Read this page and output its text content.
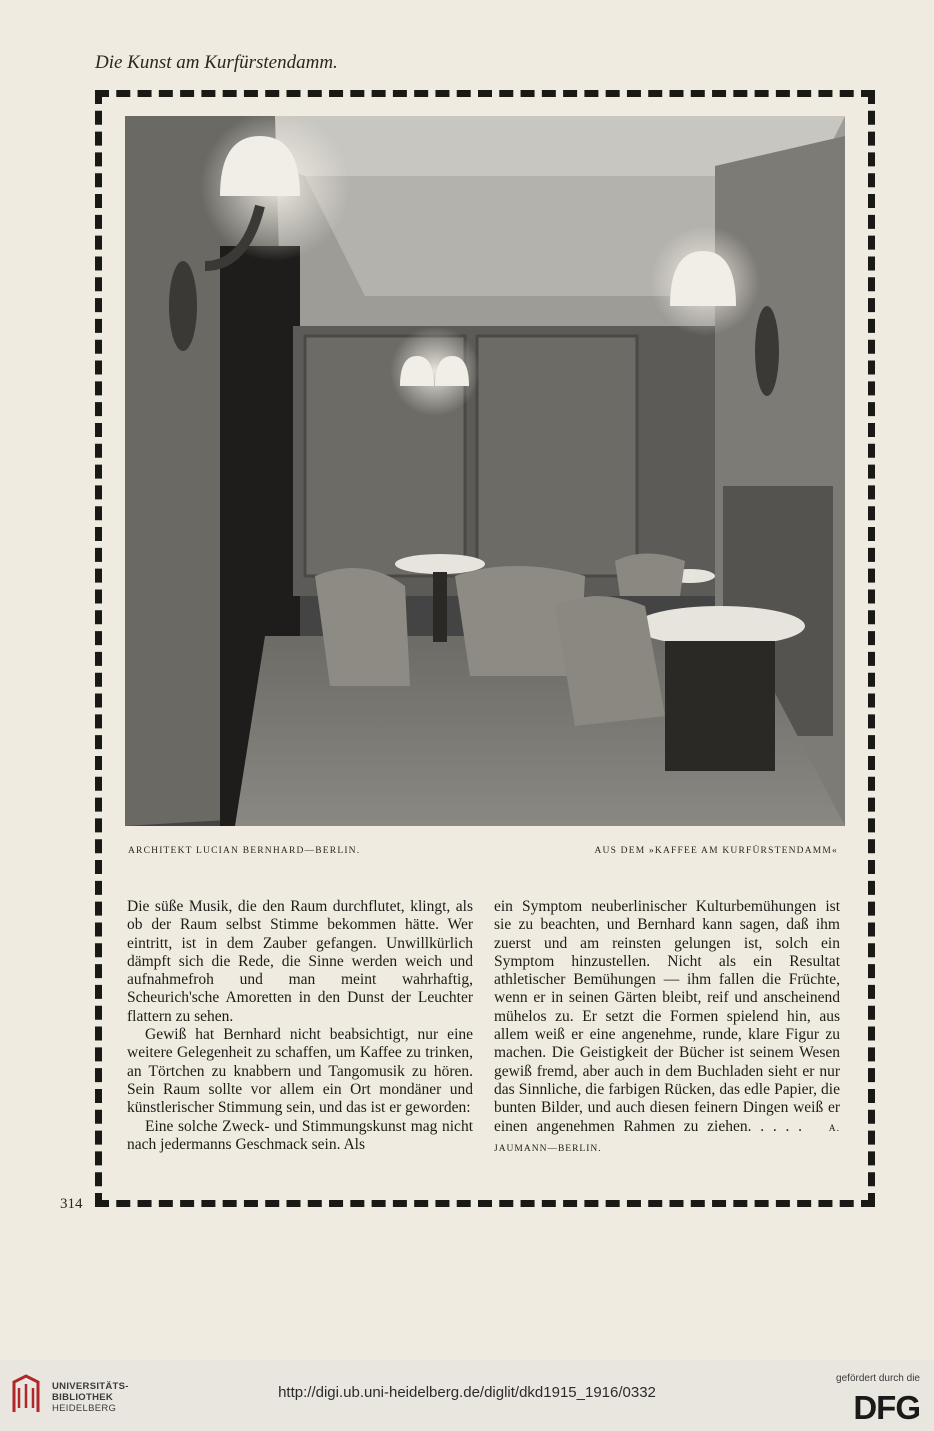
Die Kunst am Kurfürstendamm.
ARCHITEKT LUCIAN BERNHARD—BERLIN.	AUS DEM »KAFFEE AM KURFÜRSTENDAMM«

Die süße Musik, die den Raum durchflutet, klingt, als ob der Raum selbst Stimme bekommen hätte. Wer eintritt, ist in dem Zauber gefangen. Unwillkürlich dämpft sich die Rede, die Sinne werden weich und aufnahmefroh und man meint wahrhaftig, Scheurich'sche Amoretten in den Dunst der Leuchter flattern zu sehen.

Gewiß hat Bernhard nicht beabsichtigt, nur eine weitere Gelegenheit zu schaffen, um Kaffee zu trinken, an Törtchen zu knabbern und Tangomusik zu hören. Sein Raum sollte vor allem ein Ort mondäner und künstlerischer Stimmung sein, und das ist er geworden:

Eine solche Zweck- und Stimmungskunst mag nicht nach jedermanns Geschmack sein. Als

ein Symptom neuberlinischer Kulturbemühungen ist sie zu beachten, und Bernhard kann sagen, daß ihm zuerst und am reinsten gelungen ist, solch ein Symptom hinzustellen. Nicht als ein Resultat athletischer Bemühungen — ihm fallen die Früchte, wenn er in seinen Gärten bleibt, reif und anscheinend mühelos zu. Er setzt die Formen spielend hin, aus allem weiß er eine angenehme, runde, klare Figur zu machen. Die Geistigkeit der Bücher ist seinem Wesen gewiß fremd, aber auch in dem Buchladen sieht er nur das Sinnliche, die farbigen Rücken, das edle Papier, die bunten Bilder, und auch diesen feinern Dingen weiß er einen angenehmen Rahmen zu ziehen. . . . .	A. JAUMANN—BERLIN.

314
UNIVERSITÄTS-
BIBLIOTHEK
HEIDELBERG
http://digi.ub.uni-heidelberg.de/diglit/dkd1915_1916/0332
gefördert durch die
DFG
